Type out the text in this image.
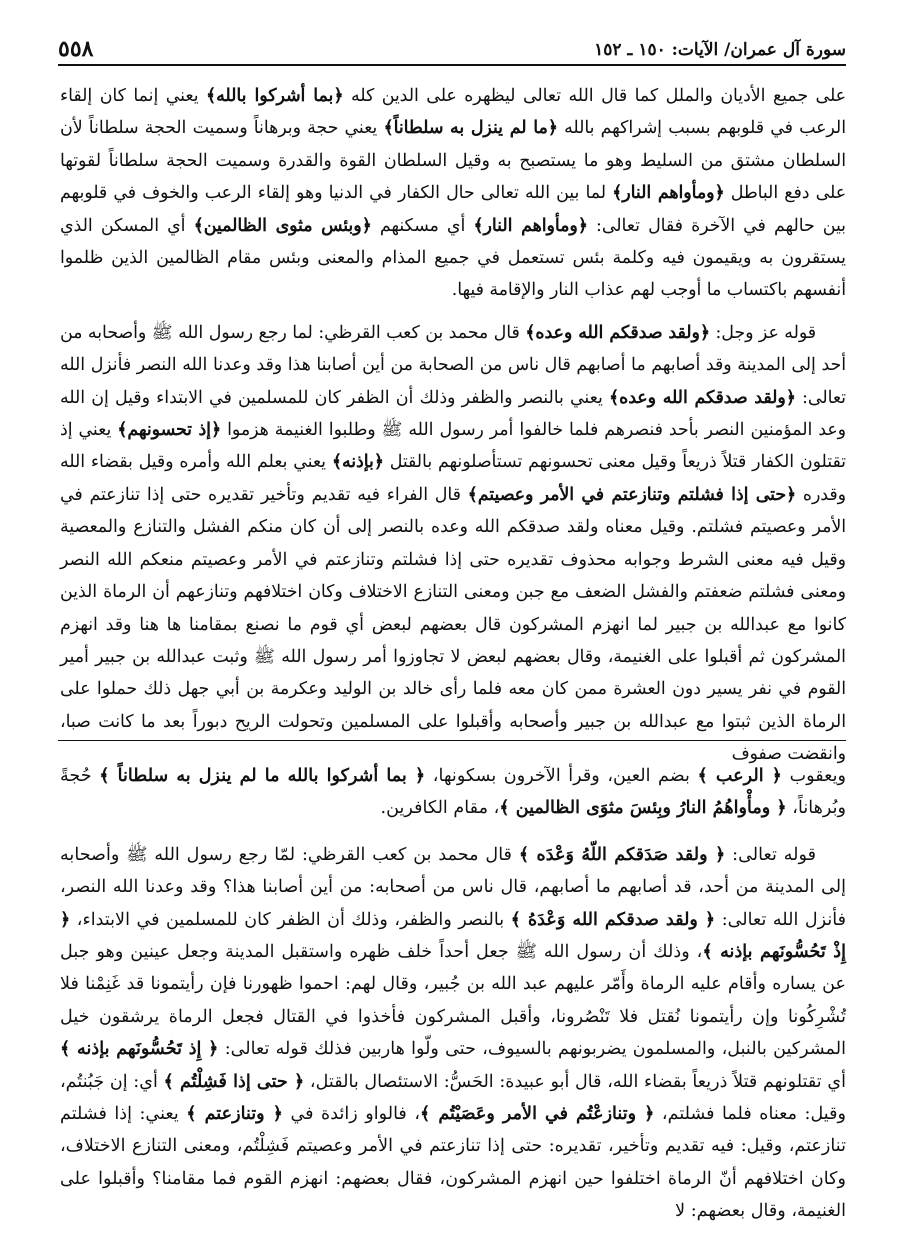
سورة آل عمران/ الآيات: ١٥٠ ـ ١٥٢
٥٥٨

على جميع الأديان والملل كما قال الله تعالى ليظهره على الدين كله ﴿بما أشركوا بالله﴾ يعني إنما كان إلقاء الرعب في قلوبهم بسبب إشراكهم بالله ﴿ما لم ينزل به سلطاناً﴾ يعني حجة وبرهاناً وسميت الحجة سلطاناً لأن السلطان مشتق من السليط وهو ما يستصبح به وقيل السلطان القوة والقدرة وسميت الحجة سلطاناً لقوتها على دفع الباطل ﴿ومأواهم النار﴾ لما بين الله تعالى حال الكفار في الدنيا وهو إلقاء الرعب والخوف في قلوبهم بين حالهم في الآخرة فقال تعالى: ﴿ومأواهم النار﴾ أي مسكنهم ﴿وبئس مثوى الظالمين﴾ أي المسكن الذي يستقرون به ويقيمون فيه وكلمة بئس تستعمل في جميع المذام والمعنى وبئس مقام الظالمين الذين ظلموا أنفسهم باكتساب ما أوجب لهم عذاب النار والإقامة فيها.

قوله عز وجل: ﴿ولقد صدقكم الله وعده﴾ قال محمد بن كعب القرظي: لما رجع رسول الله ﷺ وأصحابه من أحد إلى المدينة وقد أصابهم ما أصابهم قال ناس من الصحابة من أين أصابنا هذا وقد وعدنا الله النصر فأنزل الله تعالى: ﴿ولقد صدقكم الله وعده﴾ يعني بالنصر والظفر وذلك أن الظفر كان للمسلمين في الابتداء وقيل إن الله وعد المؤمنين النصر بأحد فنصرهم فلما خالفوا أمر رسول الله ﷺ وطلبوا الغنيمة هزموا ﴿إذ تحسونهم﴾ يعني إذ تقتلون الكفار قتلاً ذريعاً وقيل معنى تحسونهم تستأصلونهم بالقتل ﴿بإذنه﴾ يعني بعلم الله وأمره وقيل بقضاء الله وقدره ﴿حتى إذا فشلتم وتنازعتم في الأمر وعصيتم﴾ قال الفراء فيه تقديم وتأخير تقديره حتى إذا تنازعتم في الأمر وعصيتم فشلتم. وقيل معناه ولقد صدقكم الله وعده بالنصر إلى أن كان منكم الفشل والتنازع والمعصية وقيل فيه معنى الشرط وجوابه محذوف تقديره حتى إذا فشلتم وتنازعتم في الأمر وعصيتم منعكم الله النصر ومعنى فشلتم ضعفتم والفشل الضعف مع جبن ومعنى التنازع الاختلاف وكان اختلافهم وتنازعهم أن الرماة الذين كانوا مع عبدالله بن جبير لما انهزم المشركون قال بعضهم لبعض أي قوم ما نصنع بمقامنا ها هنا وقد انهزم المشركون ثم أقبلوا على الغنيمة، وقال بعضهم لبعض لا تجاوزوا أمر رسول الله ﷺ وثبت عبدالله بن جبير أمير القوم في نفر يسير دون العشرة ممن كان معه فلما رأى خالد بن الوليد وعكرمة بن أبي جهل ذلك حملوا على الرماة الذين ثبتوا مع عبدالله بن جبير وأصحابه وأقبلوا على المسلمين وتحولت الريح دبوراً بعد ما كانت صبا، وانقضت صفوف

ويعقوب ﴿ الرعب ﴾ بضم العين، وقرأ الآخرون بسكونها، ﴿ بما أشركوا بالله ما لم ينزل به سلطاناً ﴾ حُجةً وبُرهاناً، ﴿ ومأْواهُمُ النارُ وبِئسَ مثوَى الظالمين ﴾، مقام الكافرين.

قوله تعالى: ﴿ ولقد صَدَقكم اللّهُ وَعْدَه ﴾ قال محمد بن كعب القرظي: لمّا رجع رسول الله ﷺ وأصحابه إلى المدينة من أحد، قد أصابهم ما أصابهم، قال ناس من أصحابه: من أين أصابنا هذا؟ وقد وعدنا الله النصر، فأنزل الله تعالى: ﴿ ولقد صدقكم الله وَعْدَهُ ﴾ بالنصر والظفر، وذلك أن الظفر كان للمسلمين في الابتداء، ﴿ إِذْ تَحُسُّونَهم بإذنه ﴾، وذلك أن رسول الله ﷺ جعل أحداً خلف ظهره واستقبل المدينة وجعل عينين وهو جبل عن يساره وأقام عليه الرماة وأَمّر عليهم عبد الله بن جُبير، وقال لهم: احموا ظهورنا فإن رأيتمونا قد غَنِمْنا فلا تُشْرِكُونا وإن رأيتمونا نُقتل فلا تَنْصُرونا، وأقبل المشركون فأخذوا في القتال فجعل الرماة يرشقون خيل المشركين بالنبل، والمسلمون يضربونهم بالسيوف، حتى ولّوا هاربين فذلك قوله تعالى: ﴿ إِذ تَحُسُّونَهم بإذنه ﴾ أي تقتلونهم قتلاً ذريعاً بقضاء الله، قال أبو عبيدة: الحَسُّ: الاستئصال بالقتل، ﴿ حتى إذا فَشِلْتُم ﴾ أي: إن جَبُنتُم، وقيل: معناه فلما فشلتم، ﴿ وتنازعْتُم في الأمر وعَصَيْتُم ﴾، فالواو زائدة في ﴿ وتنازعتم ﴾ يعني: إذا فشلتم تنازعتم، وقيل: فيه تقديم وتأخير، تقديره: حتى إذا تنازعتم في الأمر وعصيتم فَشِلْتُم، ومعنى التنازع الاختلاف، وكان اختلافهم أنّ الرماة اختلفوا حين انهزم المشركون، فقال بعضهم: انهزم القوم فما مقامنا؟ وأقبلوا على الغنيمة، وقال بعضهم: لا
